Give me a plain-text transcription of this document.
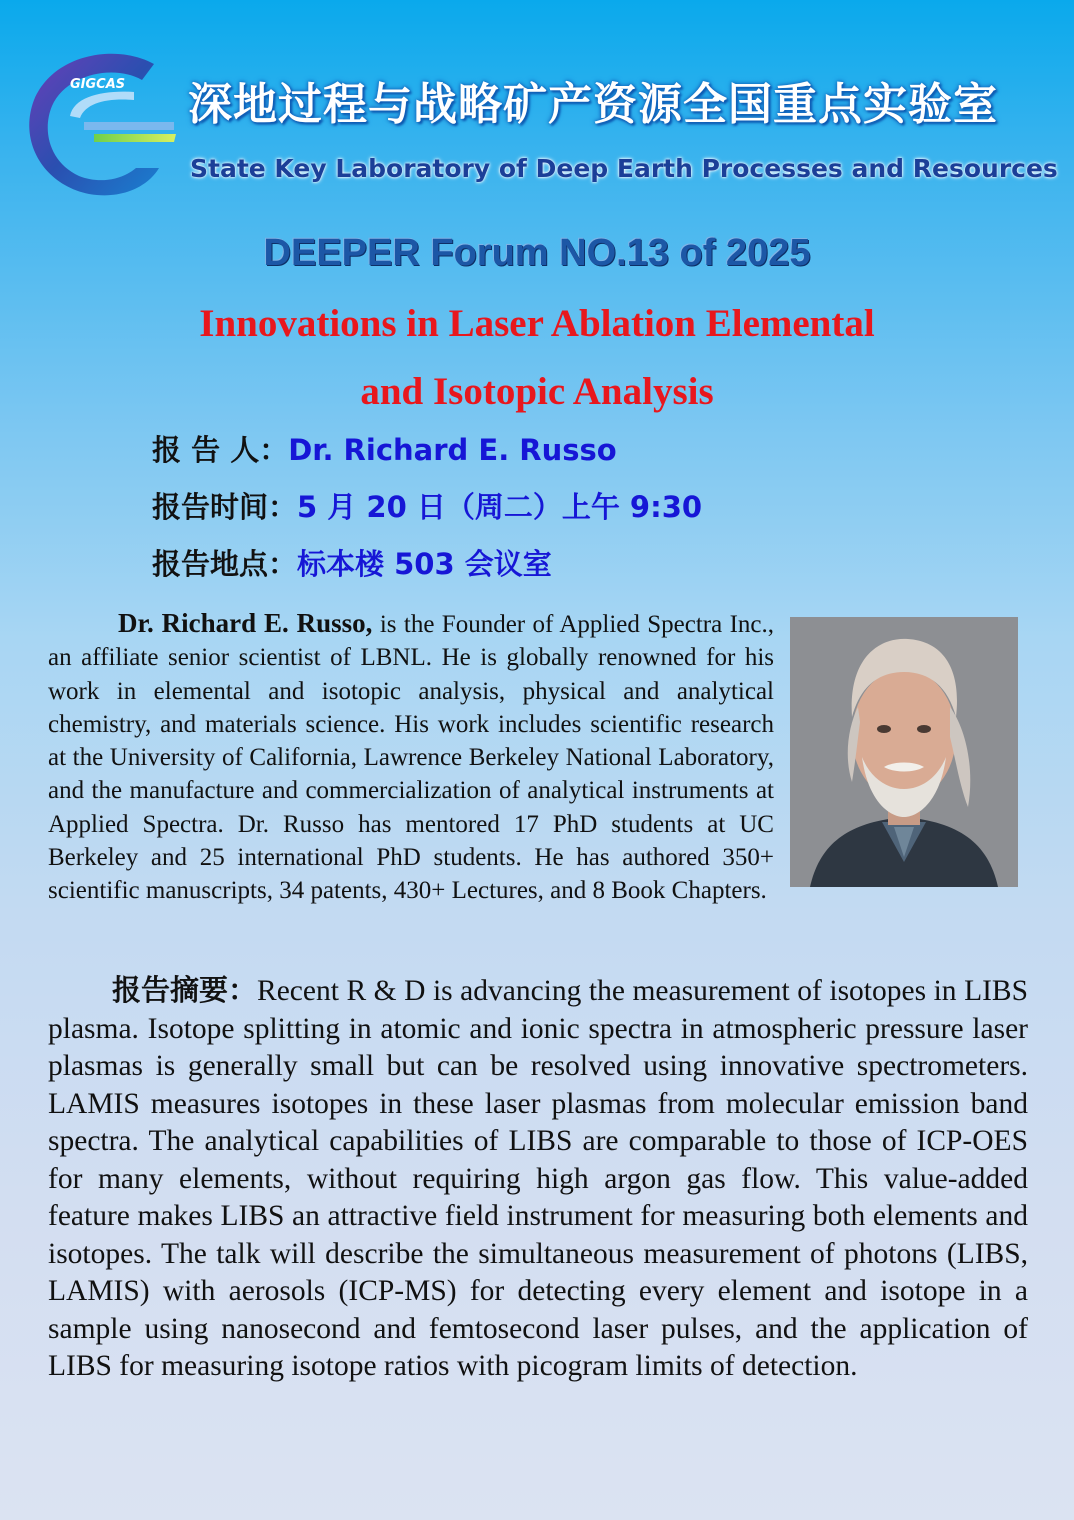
GIGCAS 深地过程与战略矿产资源全国重点实验室
State Key Laboratory of Deep Earth Processes and Resources
DEEPER Forum NO.13 of 2025
Innovations in Laser Ablation Elemental
and Isotopic Analysis
报 告 人：Dr. Richard E. Russo
报告时间：5 月 20 日（周二）上午 9:30
报告地点：标本楼 503 会议室
Dr. Richard E. Russo, is the Founder of Applied Spectra Inc., an affiliate senior scientist of LBNL. He is globally renowned for his work in elemental and isotopic analysis, physical and analytical chemistry, and materials science. His work includes scientific research at the University of California, Lawrence Berkeley National Laboratory, and the manufacture and commercialization of analytical instruments at Applied Spectra. Dr. Russo has mentored 17 PhD students at UC Berkeley and 25 international PhD students. He has authored 350+ scientific manuscripts, 34 patents, 430+ Lectures, and 8 Book Chapters.
报告摘要：Recent R & D is advancing the measurement of isotopes in LIBS plasma. Isotope splitting in atomic and ionic spectra in atmospheric pressure laser plasmas is generally small but can be resolved using innovative spectrometers. LAMIS measures isotopes in these laser plasmas from molecular emission band spectra. The analytical capabilities of LIBS are comparable to those of ICP-OES for many elements, without requiring high argon gas flow. This value-added feature makes LIBS an attractive field instrument for measuring both elements and isotopes. The talk will describe the simultaneous measurement of photons (LIBS, LAMIS) with aerosols (ICP-MS) for detecting every element and isotope in a sample using nanosecond and femtosecond laser pulses, and the application of LIBS for measuring isotope ratios with picogram limits of detection.
